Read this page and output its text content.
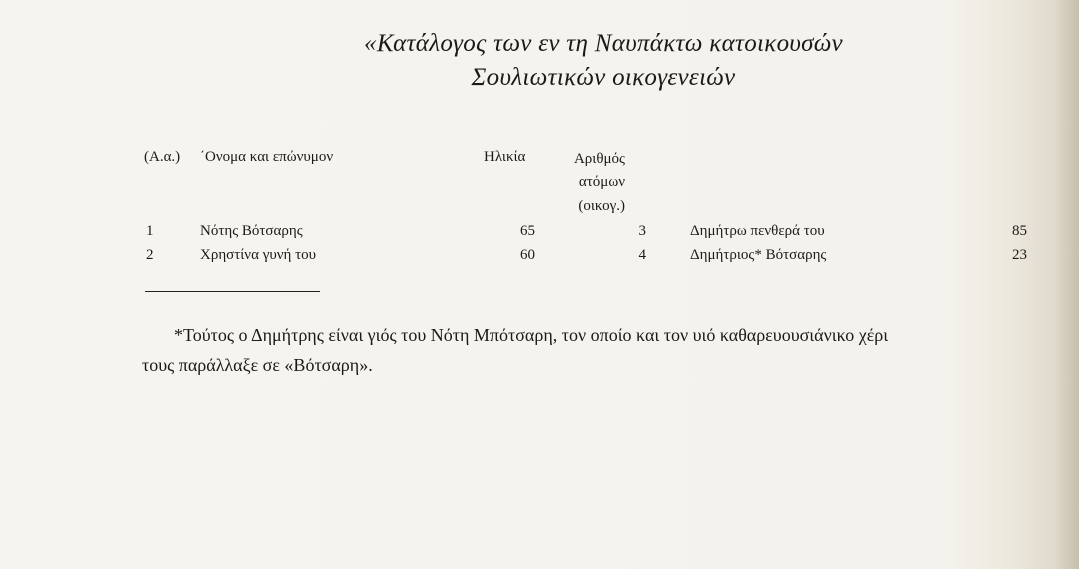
«Κατάλογος των εν τη Ναυπάκτω κατοικουσών
Σουλιωτικών οικογενειών
(Α.α.) ΄Ονομα και επώνυμον	Ηλικία	Αριθμός
ατόμων
(οικογ.)
1	Νότης Βότσαρης	65	3	Δημήτρω πενθερά του	85
2	Χρηστίνα γυνή του	60	4	Δημήτριος* Βότσαρης	23
*Τούτος ο Δημήτρης είναι γιός του Νότη Μπότσαρη, τον οποίο και τον υιό καθαρευουσιάνικο χέρι
τους παράλλαξε σε «Βότσαρη».
